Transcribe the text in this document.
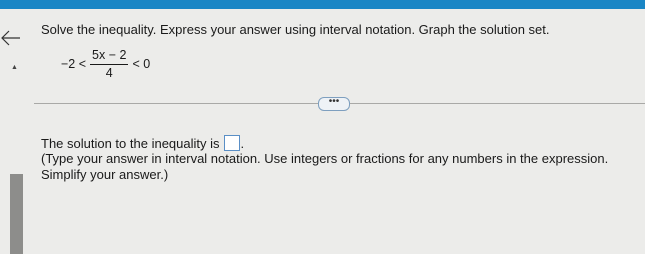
▲
Solve the inequality. Express your answer using interval notation. Graph the solution set.
$-2 < \frac{5x - 2}{4} < 0$
•••
The solution to the inequality is .
(Type your answer in interval notation. Use integers or fractions for any numbers in the expression. Simplify your answer.)
